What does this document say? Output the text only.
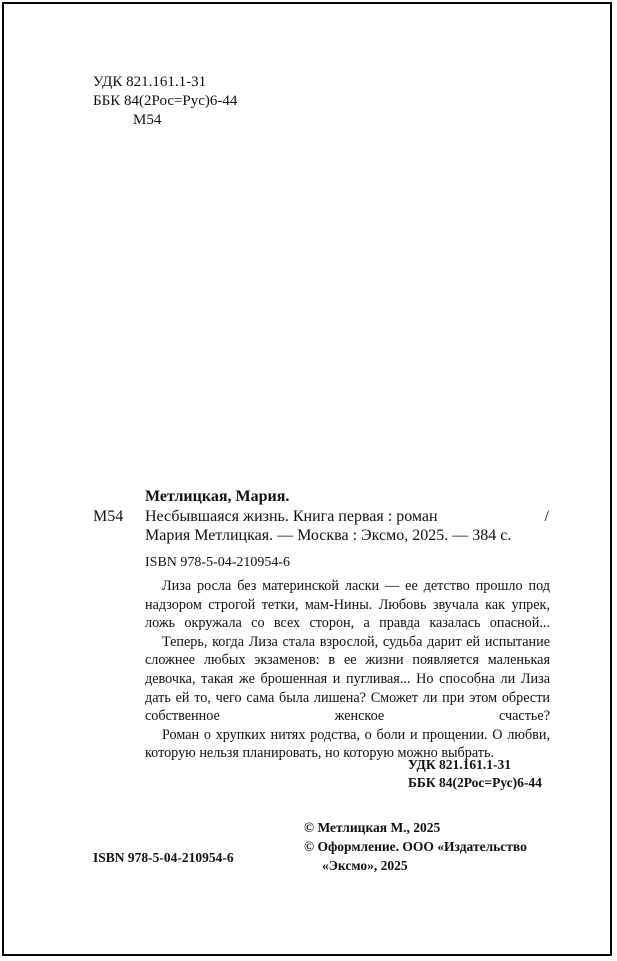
УДК 821.161.1-31
ББК 84(2Рос=Рус)6-44
М54
Метлицкая, Мария.
М54 Несбывшаяся жизнь. Книга первая : роман	/
Мария Метлицкая. — Москва : Эксмо, 2025. — 384 с.
ISBN 978-5-04-210954-6

Лиза росла без материнской ласки — ее детство прошло под надзором строгой тетки, мам-Нины. Любовь звучала как упрек, ложь окружала со всех сторон, а правда казалась опасной...

Теперь, когда Лиза стала взрослой, судьба дарит ей испытание сложнее любых экзаменов: в ее жизни появляется маленькая девочка, такая же брошенная и пугливая... Но способна ли Лиза дать ей то, чего сама была лишена? Сможет ли при этом обрести собственное женское счастье?

Роман о хрупких нитях родства, о боли и прощении. О любви, которую нельзя планировать, но которую можно выбрать.

УДК 821.161.1-31
ББК 84(2Рос=Рус)6-44
© Метлицкая М., 2025
© Оформление. ООО «Издательство
«Эксмо», 2025
ISBN 978-5-04-210954-6
